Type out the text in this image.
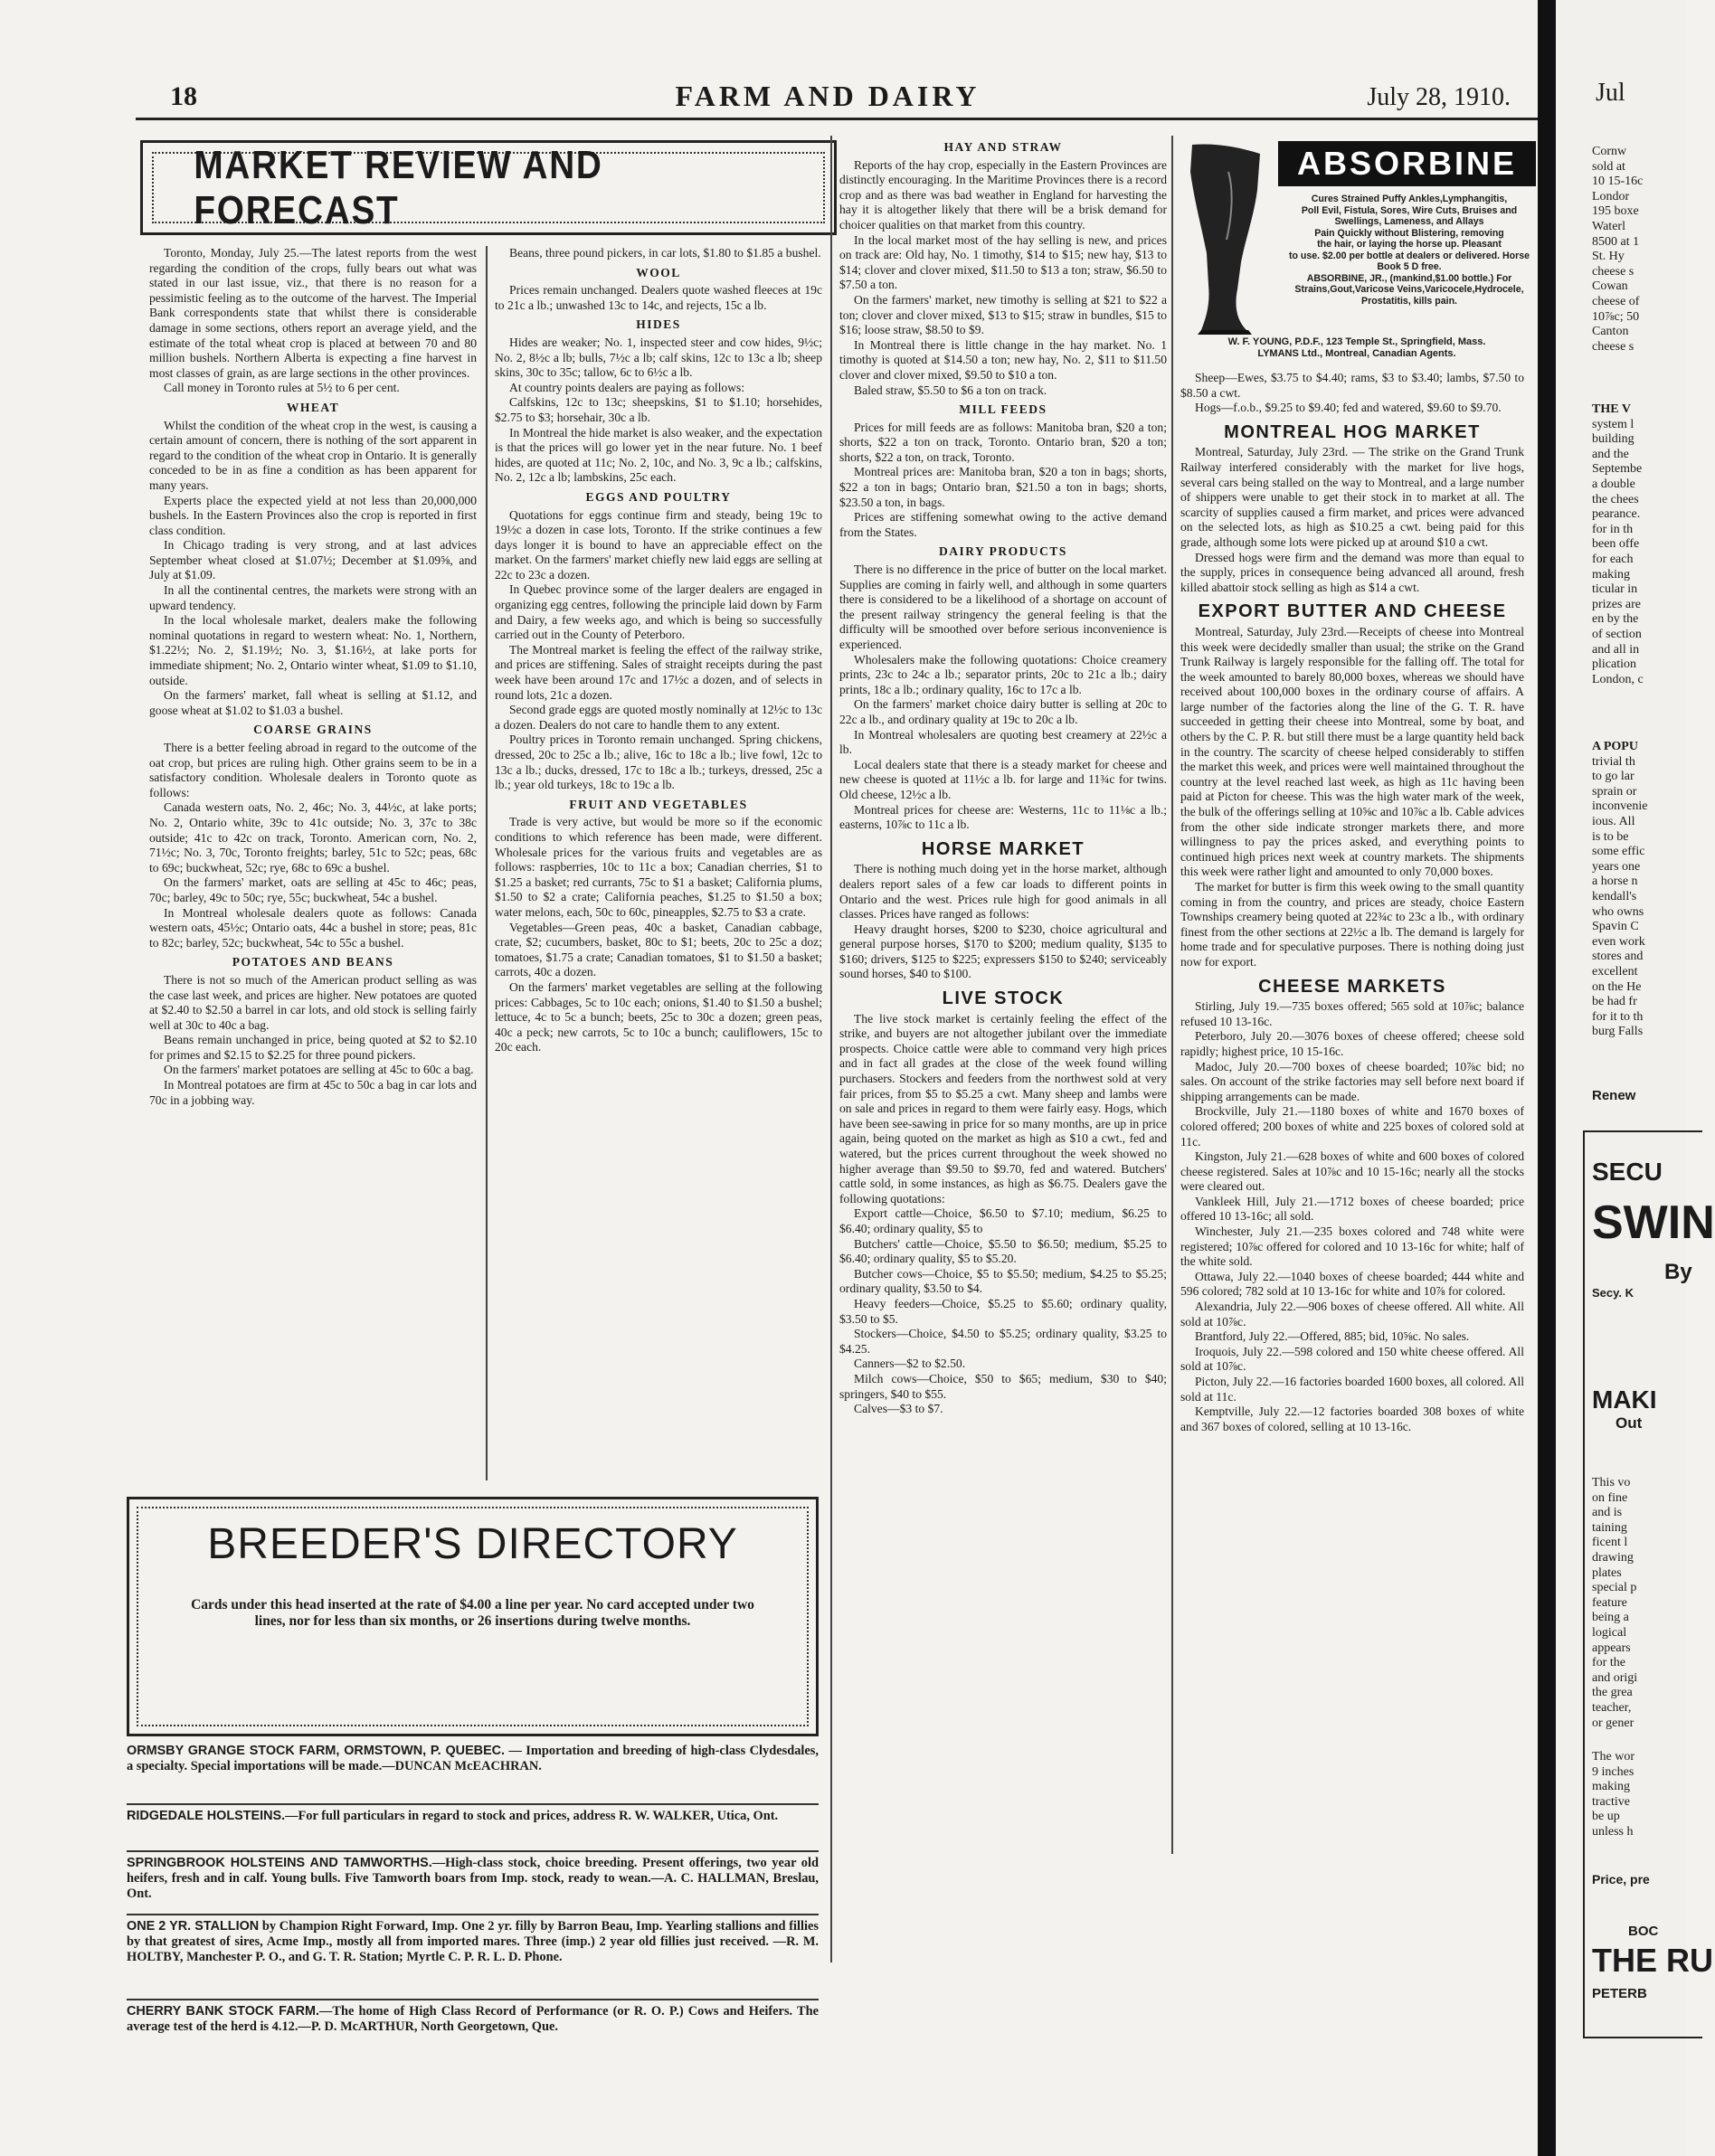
18	FARM AND DAIRY	July 28, 1910.
MARKET REVIEW AND FORECAST

Toronto, Monday, July 25.—The latest reports from the west regarding the condition of the crops, fully bears out what was stated in our last issue, viz., that there is no reason for a pessimistic feeling as to the outcome of the harvest. The Imperial Bank correspondents state that whilst there is considerable damage in some sections, others report an average yield, and the estimate of the total wheat crop is placed at between 70 and 80 million bushels. Northern Alberta is expecting a fine harvest in most classes of grain, as are large sections in the other provinces.

Call money in Toronto rules at 5½ to 6 per cent.

WHEAT

Whilst the condition of the wheat crop in the west, is causing a certain amount of concern, there is nothing of the sort apparent in regard to the condition of the wheat crop in Ontario. It is generally conceded to be in as fine a condition as has been apparent for many years.

Experts place the expected yield at not less than 20,000,000 bushels. In the Eastern Provinces also the crop is reported in first class condition.

In Chicago trading is very strong, and at last advices September wheat closed at $1.07½; December at $1.09⅝, and July at $1.09.

In all the continental centres, the markets were strong with an upward tendency.

In the local wholesale market, dealers make the following nominal quotations in regard to western wheat: No. 1, Northern, $1.22½; No. 2, $1.19½; No. 3, $1.16½, at lake ports for immediate shipment; No. 2, Ontario winter wheat, $1.09 to $1.10, outside.

On the farmers' market, fall wheat is selling at $1.12, and goose wheat at $1.02 to $1.03 a bushel.

COARSE GRAINS

There is a better feeling abroad in regard to the outcome of the oat crop, but prices are ruling high. Other grains seem to be in a satisfactory condition. Wholesale dealers in Toronto quote as follows:

Canada western oats, No. 2, 46c; No. 3, 44½c, at lake ports; No. 2, Ontario white, 39c to 41c outside; No. 3, 37c to 38c outside; 41c to 42c on track, Toronto. American corn, No. 2, 71½c; No. 3, 70c, Toronto freights; barley, 51c to 52c; peas, 68c to 69c; buckwheat, 52c; rye, 68c to 69c a bushel.

On the farmers' market, oats are selling at 45c to 46c; peas, 70c; barley, 49c to 50c; rye, 55c; buckwheat, 54c a bushel.

In Montreal wholesale dealers quote as follows: Canada western oats, 45½c; Ontario oats, 44c a bushel in store; peas, 81c to 82c; barley, 52c; buckwheat, 54c to 55c a bushel.

POTATOES AND BEANS

There is not so much of the American product selling as was the case last week, and prices are higher. New potatoes are quoted at $2.40 to $2.50 a barrel in car lots, and old stock is selling fairly well at 30c to 40c a bag.

Beans remain unchanged in price, being quoted at $2 to $2.10 for primes and $2.15 to $2.25 for three pound pickers.

On the farmers' market potatoes are selling at 45c to 60c a bag.

In Montreal potatoes are firm at 45c to 50c a bag in car lots and 70c in a jobbing way.

Beans, three pound pickers, in car lots, $1.80 to $1.85 a bushel.

WOOL

Prices remain unchanged. Dealers quote washed fleeces at 19c to 21c a lb.; unwashed 13c to 14c, and rejects, 15c a lb.

HIDES

Hides are weaker; No. 1, inspected steer and cow hides, 9½c; No. 2, 8½c a lb; bulls, 7½c a lb; calf skins, 12c to 13c a lb; sheep skins, 30c to 35c; tallow, 6c to 6½c a lb.

At country points dealers are paying as follows:

Calfskins, 12c to 13c; sheepskins, $1 to $1.10; horsehides, $2.75 to $3; horsehair, 30c a lb.

In Montreal the hide market is also weaker, and the expectation is that the prices will go lower yet in the near future. No. 1 beef hides, are quoted at 11c; No. 2, 10c, and No. 3, 9c a lb.; calfskins, No. 2, 12c a lb; lambskins, 25c each.

EGGS AND POULTRY

Quotations for eggs continue firm and steady, being 19c to 19½c a dozen in case lots, Toronto. If the strike continues a few days longer it is bound to have an appreciable effect on the market. On the farmers' market chiefly new laid eggs are selling at 22c to 23c a dozen.

In Quebec province some of the larger dealers are engaged in organizing egg centres, following the principle laid down by Farm and Dairy, a few weeks ago, and which is being so successfully carried out in the County of Peterboro.

The Montreal market is feeling the effect of the railway strike, and prices are stiffening. Sales of straight receipts during the past week have been around 17c and 17½c a dozen, and of selects in round lots, 21c a dozen.

Second grade eggs are quoted mostly nominally at 12½c to 13c a dozen. Dealers do not care to handle them to any extent.

Poultry prices in Toronto remain unchanged. Spring chickens, dressed, 20c to 25c a lb.; alive, 16c to 18c a lb.; live fowl, 12c to 13c a lb.; ducks, dressed, 17c to 18c a lb.; turkeys, dressed, 25c a lb.; year old turkeys, 18c to 19c a lb.

FRUIT AND VEGETABLES

Trade is very active, but would be more so if the economic conditions to which reference has been made, were different. Wholesale prices for the various fruits and vegetables are as follows: raspberries, 10c to 11c a box; Canadian cherries, $1 to $1.25 a basket; red currants, 75c to $1 a basket; California plums, $1.50 to $2 a crate; California peaches, $1.25 to $1.50 a box; water melons, each, 50c to 60c, pineapples, $2.75 to $3 a crate.

Vegetables—Green peas, 40c a basket, Canadian cabbage, crate, $2; cucumbers, basket, 80c to $1; beets, 20c to 25c a doz; tomatoes, $1.75 a crate; Canadian tomatoes, $1 to $1.50 a basket; carrots, 40c a dozen.

On the farmers' market vegetables are selling at the following prices: Cabbages, 5c to 10c each; onions, $1.40 to $1.50 a bushel; lettuce, 4c to 5c a bunch; beets, 25c to 30c a dozen; green peas, 40c a peck; new carrots, 5c to 10c a bunch; cauliflowers, 15c to 20c each.

HAY AND STRAW

Reports of the hay crop, especially in the Eastern Provinces are distinctly encouraging. In the Maritime Provinces there is a record crop and as there was bad weather in England for harvesting the hay it is altogether likely that there will be a brisk demand for choicer qualities on that market from this country.

In the local market most of the hay selling is new, and prices on track are: Old hay, No. 1 timothy, $14 to $15; new hay, $13 to $14; clover and clover mixed, $11.50 to $13 a ton; straw, $6.50 to $7.50 a ton.

On the farmers' market, new timothy is selling at $21 to $22 a ton; clover and clover mixed, $13 to $15; straw in bundles, $15 to $16; loose straw, $8.50 to $9.

In Montreal there is little change in the hay market. No. 1 timothy is quoted at $14.50 a ton; new hay, No. 2, $11 to $11.50 clover and clover mixed, $9.50 to $10 a ton.

Baled straw, $5.50 to $6 a ton on track.

MILL FEEDS

Prices for mill feeds are as follows: Manitoba bran, $20 a ton; shorts, $22 a ton on track, Toronto. Ontario bran, $20 a ton; shorts, $22 a ton, on track, Toronto.

Montreal prices are: Manitoba bran, $20 a ton in bags; shorts, $22 a ton in bags; Ontario bran, $21.50 a ton in bags; shorts, $23.50 a ton, in bags.

Prices are stiffening somewhat owing to the active demand from the States.

DAIRY PRODUCTS

There is no difference in the price of butter on the local market. Supplies are coming in fairly well, and although in some quarters there is considered to be a likelihood of a shortage on account of the present railway stringency the general feeling is that the difficulty will be smoothed over before serious inconvenience is experienced.

Wholesalers make the following quotations: Choice creamery prints, 23c to 24c a lb.; separator prints, 20c to 21c a lb.; dairy prints, 18c a lb.; ordinary quality, 16c to 17c a lb.

On the farmers' market choice dairy butter is selling at 20c to 22c a lb., and ordinary quality at 19c to 20c a lb.

In Montreal wholesalers are quoting best creamery at 22½c a lb.

Local dealers state that there is a steady market for cheese and new cheese is quoted at 11½c a lb. for large and 11¾c for twins. Old cheese, 12½c a lb.

Montreal prices for cheese are: Westerns, 11c to 11⅛c a lb.; easterns, 10⅞c to 11c a lb.

HORSE MARKET

There is nothing much doing yet in the horse market, although dealers report sales of a few car loads to different points in Ontario and the west. Prices rule high for good animals in all classes. Prices have ranged as follows:

Heavy draught horses, $200 to $230, choice agricultural and general purpose horses, $170 to $200; medium quality, $135 to $160; drivers, $125 to $225; expressers $150 to $240; serviceably sound horses, $40 to $100.

LIVE STOCK

The live stock market is certainly feeling the effect of the strike, and buyers are not altogether jubilant over the immediate prospects. Choice cattle were able to command very high prices and in fact all grades at the close of the week found willing purchasers. Stockers and feeders from the northwest sold at very fair prices, from $5 to $5.25 a cwt. Many sheep and lambs were on sale and prices in regard to them were fairly easy. Hogs, which have been see-sawing in price for so many months, are up in price again, being quoted on the market as high as $10 a cwt., fed and watered, but the prices current throughout the week showed no higher average than $9.50 to $9.70, fed and watered. Butchers' cattle sold, in some instances, as high as $6.75. Dealers gave the following quotations:

Export cattle—Choice, $6.50 to $7.10; medium, $6.25 to $6.40; ordinary quality, $5 to

Butchers' cattle—Choice, $5.50 to $6.50; medium, $5.25 to $6.40; ordinary quality, $5 to $5.20.

Butcher cows—Choice, $5 to $5.50; medium, $4.25 to $5.25; ordinary quality, $3.50 to $4.

Heavy feeders—Choice, $5.25 to $5.60; ordinary quality, $3.50 to $5.

Stockers—Choice, $4.50 to $5.25; ordinary quality, $3.25 to $4.25.

Canners—$2 to $2.50.

Milch cows—Choice, $50 to $65; medium, $30 to $40; springers, $40 to $55.

Calves—$3 to $7.

ABSORBINE
Cures Strained Puffy Ankles,Lymphangitis,
Poll Evil, Fistula, Sores, Wire Cuts, Bruises and Swellings, Lameness, and Allays
Pain Quickly without Blistering, removing
the hair, or laying the horse up. Pleasant
to use. $2.00 per bottle at dealers or delivered. Horse Book 5 D free.
ABSORBINE, JR., (mankind,$1.00 bottle.) For Strains,Gout,Varicose Veins,Varicocele,Hydrocele, Prostatitis, kills pain.
W. F. YOUNG, P.D.F., 123 Temple St., Springfield, Mass.
LYMANS Ltd., Montreal, Canadian Agents.

Sheep—Ewes, $3.75 to $4.40; rams, $3 to $3.40; lambs, $7.50 to $8.50 a cwt.

Hogs—f.o.b., $9.25 to $9.40; fed and watered, $9.60 to $9.70.

MONTREAL HOG MARKET

Montreal, Saturday, July 23rd. — The strike on the Grand Trunk Railway interfered considerably with the market for live hogs, several cars being stalled on the way to Montreal, and a large number of shippers were unable to get their stock in to market at all. The scarcity of supplies caused a firm market, and prices were advanced on the selected lots, as high as $10.25 a cwt. being paid for this grade, although some lots were picked up at around $10 a cwt.

Dressed hogs were firm and the demand was more than equal to the supply, prices in consequence being advanced all around, fresh killed abattoir stock selling as high as $14 a cwt.

EXPORT BUTTER AND CHEESE

Montreal, Saturday, July 23rd.—Receipts of cheese into Montreal this week were decidedly smaller than usual; the strike on the Grand Trunk Railway is largely responsible for the falling off. The total for the week amounted to barely 80,000 boxes, whereas we should have received about 100,000 boxes in the ordinary course of affairs. A large number of the factories along the line of the G. T. R. have succeeded in getting their cheese into Montreal, some by boat, and others by the C. P. R. but still there must be a large quantity held back in the country. The scarcity of cheese helped considerably to stiffen the market this week, and prices were well maintained throughout the country at the level reached last week, as high as 11c having been paid at Picton for cheese. This was the high water mark of the week, the bulk of the offerings selling at 10⅝c and 10⅞c a lb. Cable advices from the other side indicate stronger markets there, and more willingness to pay the prices asked, and everything points to continued high prices next week at country markets. The shipments this week were rather light and amounted to only 70,000 boxes.

The market for butter is firm this week owing to the small quantity coming in from the country, and prices are steady, choice Eastern Townships creamery being quoted at 22¾c to 23c a lb., with ordinary finest from the other sections at 22½c a lb. The demand is largely for home trade and for speculative purposes. There is nothing doing just now for export.

CHEESE MARKETS

Stirling, July 19.—735 boxes offered; 565 sold at 10⅞c; balance refused 10 13-16c.

Peterboro, July 20.—3076 boxes of cheese offered; cheese sold rapidly; highest price, 10 15-16c.

Madoc, July 20.—700 boxes of cheese boarded; 10⅞c bid; no sales. On account of the strike factories may sell before next board if shipping arrangements can be made.

Brockville, July 21.—1180 boxes of white and 1670 boxes of colored offered; 200 boxes of white and 225 boxes of colored sold at 11c.

Kingston, July 21.—628 boxes of white and 600 boxes of colored cheese registered. Sales at 10⅞c and 10 15-16c; nearly all the stocks were cleared out.

Vankleek Hill, July 21.—1712 boxes of cheese boarded; price offered 10 13-16c; all sold.

Winchester, July 21.—235 boxes colored and 748 white were registered; 10⅞c offered for colored and 10 13-16c for white; half of the white sold.

Ottawa, July 22.—1040 boxes of cheese boarded; 444 white and 596 colored; 782 sold at 10 13-16c for white and 10⅞ for colored.

Alexandria, July 22.—906 boxes of cheese offered. All white. All sold at 10⅞c.

Brantford, July 22.—Offered, 885; bid, 10⅝c. No sales.

Iroquois, July 22.—598 colored and 150 white cheese offered. All sold at 10⅞c.

Picton, July 22.—16 factories boarded 1600 boxes, all colored. All sold at 11c.

Kemptville, July 22.—12 factories boarded 308 boxes of white and 367 boxes of colored, selling at 10 13-16c.

BREEDER'S DIRECTORY
Cards under this head inserted at the rate of $4.00 a line per year. No card accepted under two lines, nor for less than six months, or 26 insertions during twelve months.
ORMSBY GRANGE STOCK FARM, ORMSTOWN, P. QUEBEC. — Importation and breeding of high-class Clydesdales, a specialty. Special importations will be made.—DUNCAN McEACHRAN.
RIDGEDALE HOLSTEINS.—For full particulars in regard to stock and prices, address R. W. WALKER, Utica, Ont.
SPRINGBROOK HOLSTEINS AND TAMWORTHS.—High-class stock, choice breeding. Present offerings, two year old heifers, fresh and in calf. Young bulls. Five Tamworth boars from Imp. stock, ready to wean.—A. C. HALLMAN, Breslau, Ont.
ONE 2 YR. STALLION by Champion Right Forward, Imp. One 2 yr. filly by Barron Beau, Imp. Yearling stallions and fillies by that greatest of sires, Acme Imp., mostly all from imported mares. Three (imp.) 2 year old fillies just received. —R. M. HOLTBY, Manchester P. O., and G. T. R. Station; Myrtle C. P. R. L. D. Phone.
CHERRY BANK STOCK FARM.—The home of High Class Record of Performance (or R. O. P.) Cows and Heifers. The average test of the herd is 4.12.—P. D. McARTHUR, North Georgetown, Que.
Jul
Cornw
sold at
10 15-16c
Londor
195 boxe
Waterl
8500 at 1
St. Hy
cheese s
Cowan
cheese of
10⅞c; 50
Canton
cheese s
THE V
system l
building
and the
Septembe
a double
the chees
pearance.
for in th
been offe
for each
making
ticular in
prizes are
en by the
of section
and all in
plication
London, c
A POPU
trivial th
to go lar
sprain or
inconvenie
ious. All
is to be
some effic
years one
a horse n
kendall's
who owns
Spavin C
even work
stores and
excellent
on the He
be had fr
for it to th
burg Falls
Renew
SECU
SWIN
By
Secy. K
MAKI
Out
This vo
on fine
and is
taining
ficent l
drawing
plates
special p
feature
being a
logical
appears
for the
and origi
the grea
teacher,
or gener
The wor
9 inches
making
tractive
be up
unless h
Price, pre
BOC
THE RU
PETERB
